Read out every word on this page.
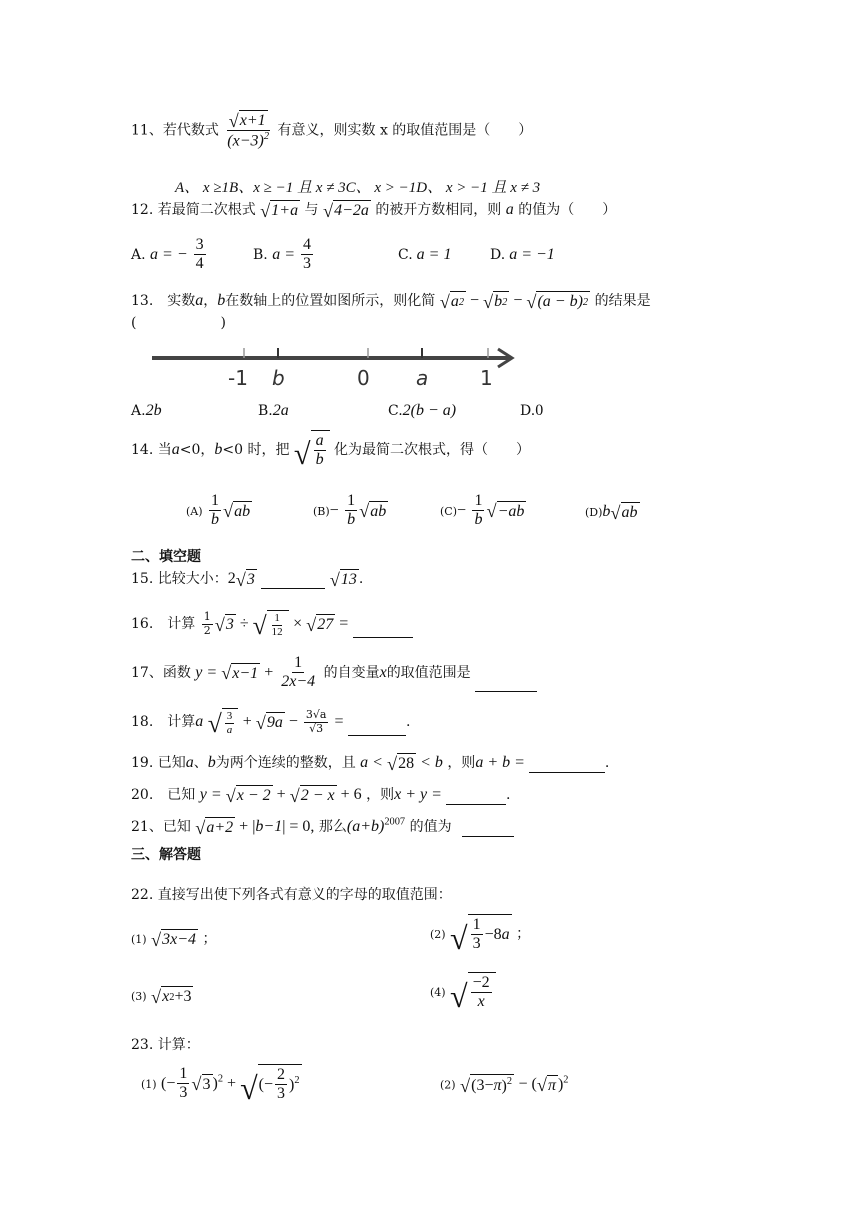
11、若代数式 $\frac{√ x+1}{(x-3)^2}$ 有意义，则实数 x 的取值范围是（　　）
A、 x ≥1B、x ≥ −1 且 x ≠ 3C、 x > −1D、 x > −1 且 x ≠ 3
12. 若最简二次根式 √ 1+a 与 √ 4−2a 的被开方数相同，则 a 的值为（　　）
A. a = − $\frac{3}{4}$	B. $a = \frac{4}{3}$	C. a = 1	D. a = −1
13.　实数a，b在数轴上的位置如图所示，则化简 √ a 2 − √ b 2 − √ (a − b) 2 的结果是
(　　　　　　)
-1 b	0 a	1
A.2b	B.2a	C.2(b − a)	D.0
14. 当a<0，b<0 时，把 √ $\frac{a}{b}$ 化为最简二次根式，得（　　）
$(A) \frac{1}{b}$ √ ab	$(B)- \frac{1}{b}$ √ ab	$(C)- \frac{1}{b}$ √ −ab	(D)b √ ab
二、填空题
15. 比较大小：2 √ 3
	√ 13 .
16.　计算 $\frac{1}{2}$ √ 3 ÷ √ $\frac{1}{12}$ × √ 27 =
17、函数 y = √ $x-1 + \frac{1}{2x-4}$ 的自变量x的取值范围是
18.　计算a √ $\frac{3}{a}$ + √ $9a - \frac{3√a}{√3}$ =	.
19. 已知a、b为两个连续的整数，且 a < √ 28 < b ，则a + b =	.
20.　已知 y = √ x − 2 + √ 2 − x + 6 ，则x + y =	.
21、已知 √ a+2 + |b−1| = 0, 那么$(a+b)^{2007}$ 的值为
三、解答题
22. 直接写出使下列各式有意义的字母的取值范围：
(1) √ 3x−4 ；	(2) √ $\frac{1}{3} -8$ a ；
(3) √ x 2 +3	(4) √ $\frac{-2}{x}$
23. 计算：
(1) (− $\frac{1}{3}$ √ 3 )$^2$ + √ (− $\frac{2}{3} )^2$	(2) √ (3− π )$^2$ − ( √ π )$^2$
